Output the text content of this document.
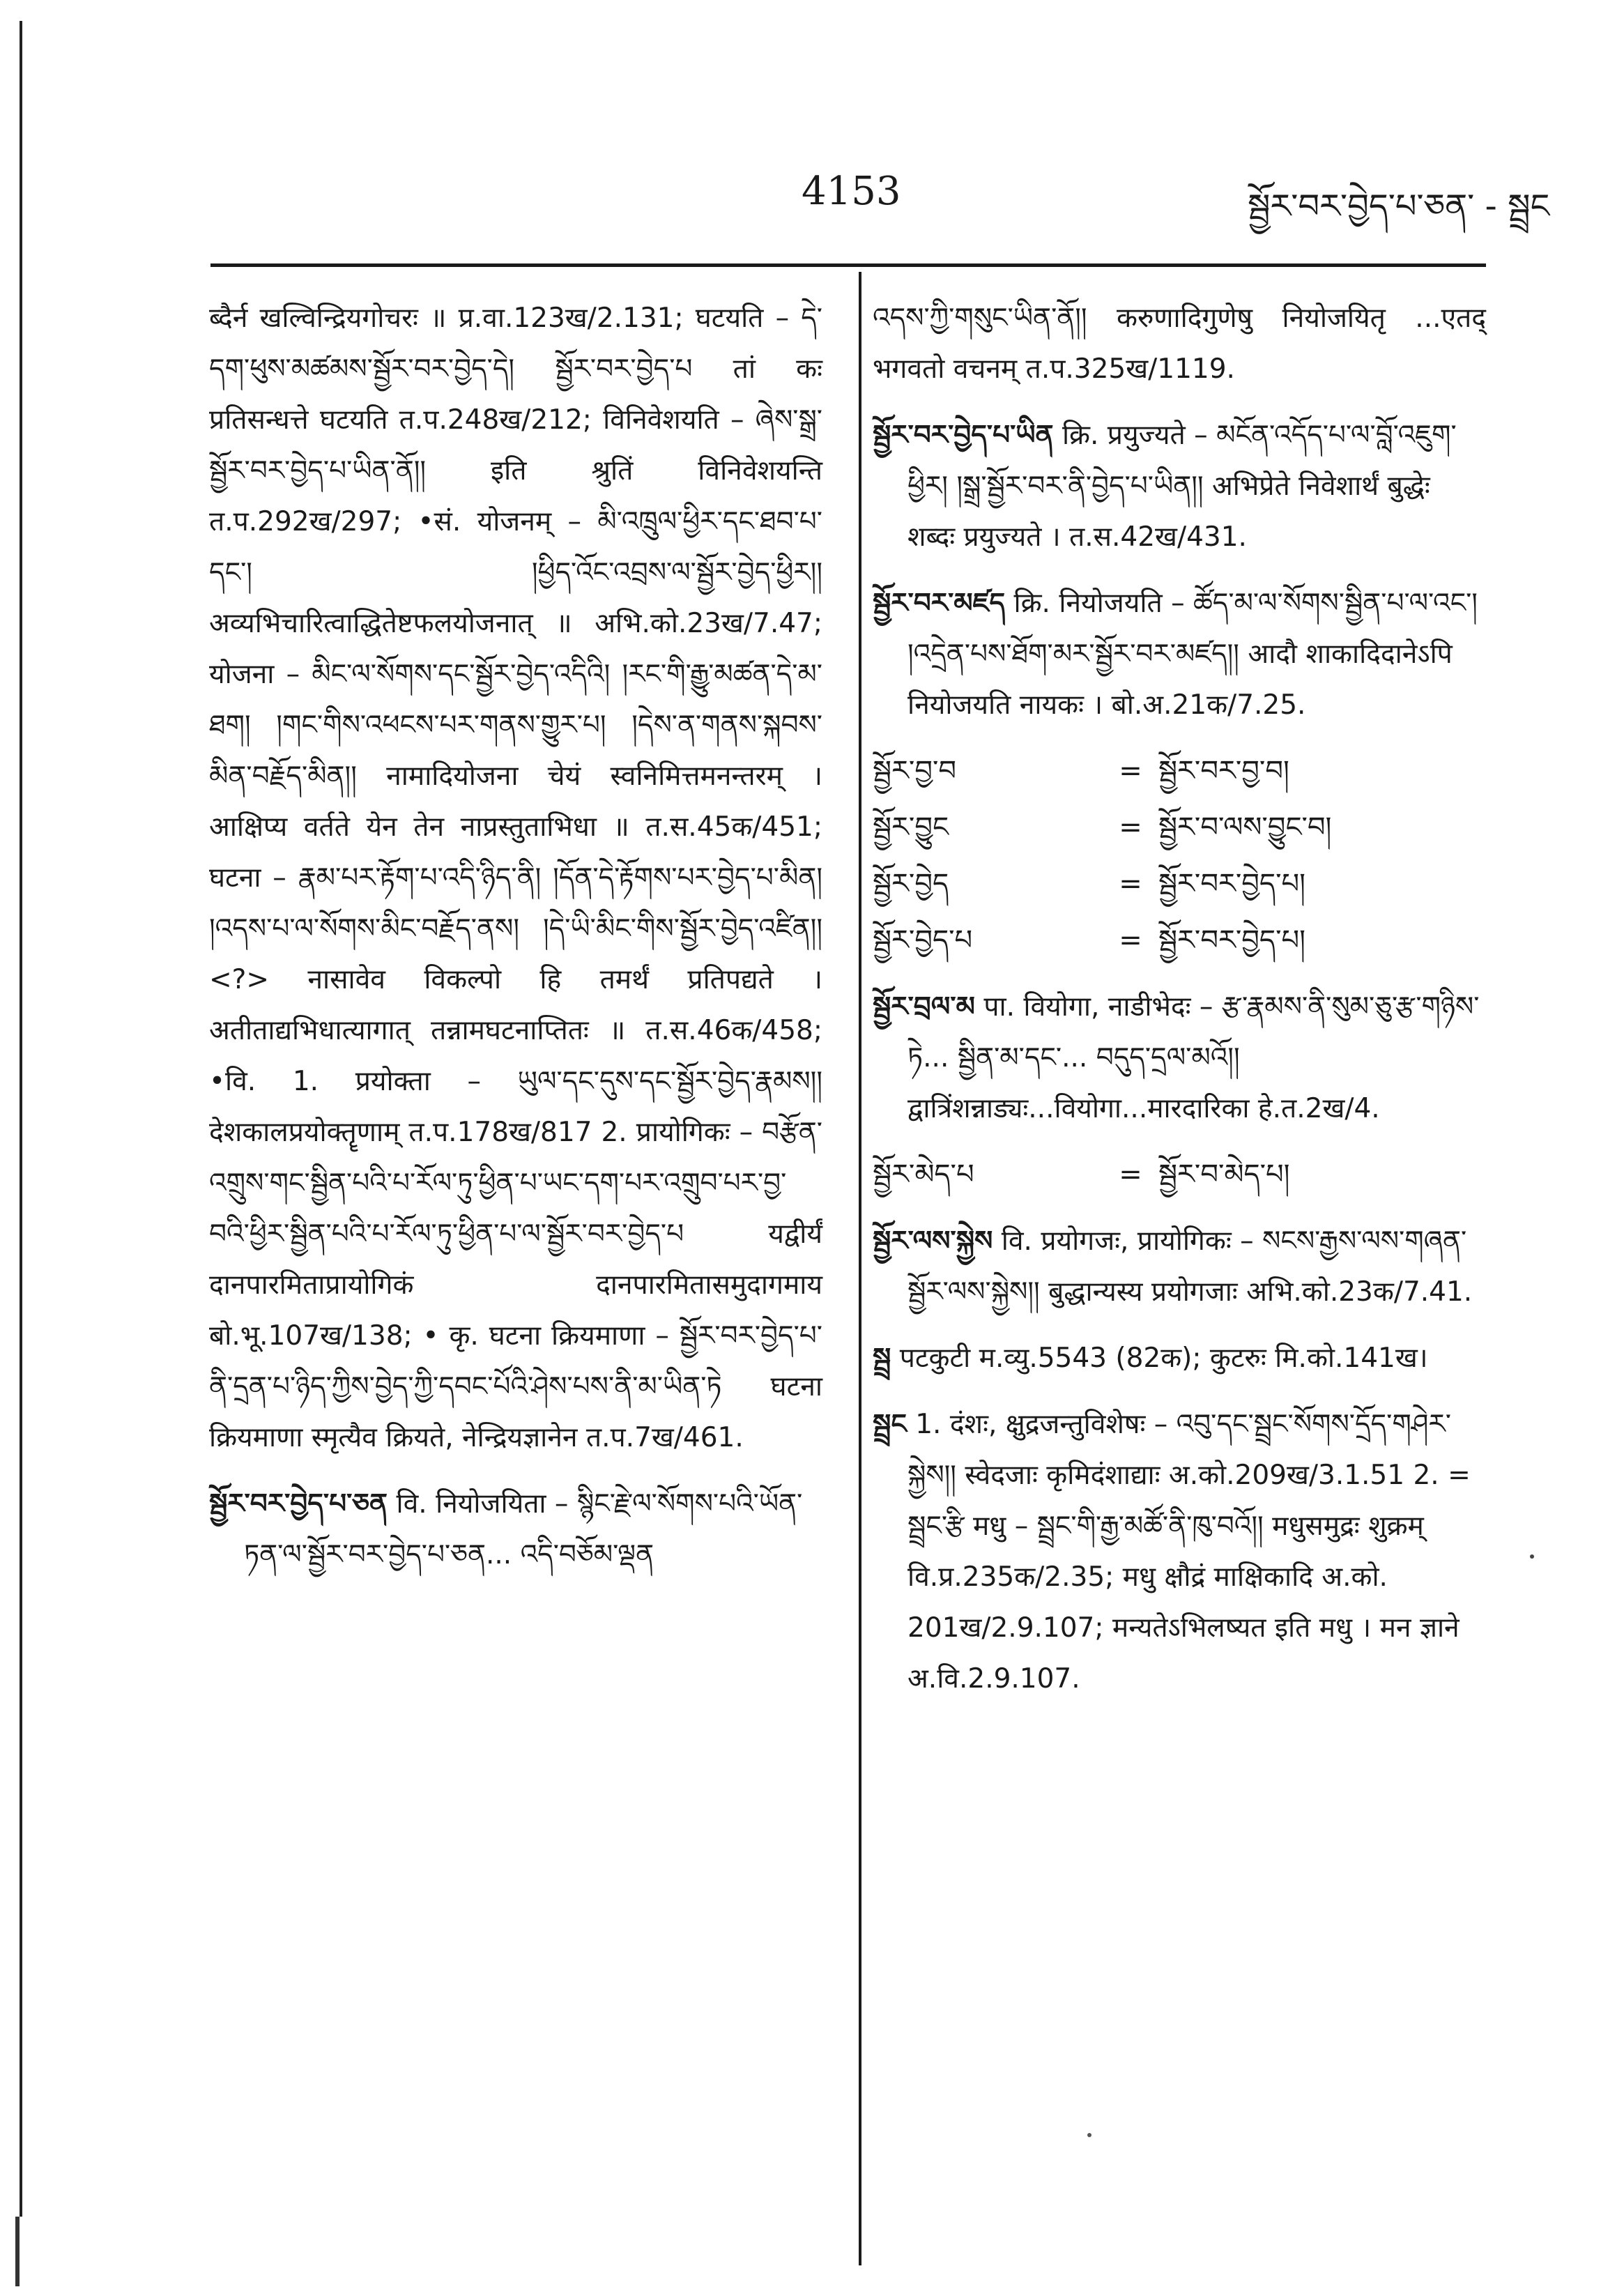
4153	སྦྱོར་བར་བྱེད་པ་ཅན་ - སྦྲང

ब्दैर्न खल्विन्द्रियगोचरः ॥ प्र.वा.123ख/2.131; घटयति – དེ་དག་ཕུས་མཚམས་སྦྱོར་བར་བྱེད་དེ། སྦྱོར་བར་བྱེད་པ तां कः प्रतिसन्धत्ते घटयति त.प.248ख/212; विनिवेशयति – ཞེས་སྒྲ་སྦྱོར་བར་བྱེད་པ་ཡིན་ནོ།། इति श्रुतिं विनिवेशयन्ति त.प.292ख/297; •सं. योजनम् – མི་འཁྲུལ་ཕྱིར་དང་ཐབ་པ་དང་། །ཕྱིད་འོང་འབྲས་ལ་སྦྱོར་བྱེད་ཕྱིར།། अव्यभिचारित्वाद्धितेष्टफलयोजनात् ॥ अभि.को.23ख/7.47; योजना – མིང་ལ་སོགས་དང་སྦྱོར་བྱེད་འདིའི། །རང་གི་རྒྱུ་མཚན་དེ་མ་ཐག། །གང་གིས་འཕངས་པར་གནས་གྱུར་པ། །དེས་ན་གནས་སྐབས་མིན་བརྗོད་མིན།། नामादियोजना चेयं स्वनिमित्तमनन्तरम् । आक्षिप्य वर्तते येन तेन नाप्रस्तुताभिधा ॥ त.स.45क/451; घटना – རྣམ་པར་རྟོག་པ་འདི་ཉིད་ནི། །དོན་དེ་རྟོགས་པར་བྱེད་པ་མིན། །འདས་པ་ལ་སོགས་མིང་བརྗོད་ནས། །དེ་ཡི་མིང་གིས་སྦྱོར་བྱེད་འཛིན།། <?> नासावेव विकल्पो हि तमर्थं प्रतिपद्यते । अतीताद्यभिधात्यागात् तन्नामघटनाप्तितः ॥ त.स.46क/458; •वि. 1. प्रयोक्ता – ཡུལ་དང་དུས་དང་སྦྱོར་བྱེད་རྣམས།། देशकालप्रयोक्तॄणाम् त.प.178ख/817 2. प्रायोगिकः – བརྩོན་འགྲུས་གང་སྦྱིན་པའི་པ་རོལ་ཏུ་ཕྱིན་པ་ཡང་དག་པར་འགྲུབ་པར་བྱ་བའི་ཕྱིར་སྦྱིན་པའི་པ་རོལ་ཏུ་ཕྱིན་པ་ལ་སྦྱོར་བར་བྱེད་པ यद्वीर्यं दानपारमिताप्रायोगिकं दानपारमितासमुदागमाय बो.भू.107ख/138; • कृ. घटना क्रियमाणा – སྦྱོར་བར་བྱེད་པ་ནི་དྲན་པ་ཉིད་ཀྱིས་བྱེད་ཀྱི་དབང་པོའི་ཤེས་པས་ནི་མ་ཡིན་ཏེ घटना क्रियमाणा स्मृत्यैव क्रियते, नेन्द्रियज्ञानेन त.प.7ख/461.

སྦྱོར་བར་བྱེད་པ་ཅན वि. नियोजयिता – སྙིང་རྗེ་ལ་སོགས་པའི་ཡོན་ཏན་ལ་སྦྱོར་བར་བྱེད་པ་ཅན... འདི་བཅོམ་ལྡན

འདས་ཀྱི་གསུང་ཡིན་ནོ།། करुणादिगुणेषु नियोजयितृ ...एतद् भगवतो वचनम् त.प.325ख/1119.

སྦྱོར་བར་བྱེད་པ་ཡིན क्रि. प्रयुज्यते – མངོན་འདོད་པ་ལ་བློ་འཇུག་ཕྱིར། །སྒྲ་སྦྱོར་བར་ནི་བྱེད་པ་ཡིན།། अभिप्रेते निवेशार्थं बुद्धेः शब्दः प्रयुज्यते । त.स.42ख/431.

སྦྱོར་བར་མཛད क्रि. नियोजयति – ཚོད་མ་ལ་སོགས་སྦྱིན་པ་ལ་འང་། །འདྲེན་པས་ཐོག་མར་སྦྱོར་བར་མཛད།། आदौ शाकादिदानेऽपि नियोजयति नायकः । बो.अ.21क/7.25.

སྦྱོར་བྱ་བ	= སྦྱོར་བར་བྱ་བ།
སྦྱོར་བྱུང	= སྦྱོར་བ་ལས་བྱུང་བ།
སྦྱོར་བྱེད	= སྦྱོར་བར་བྱེད་པ།
སྦྱོར་བྱེད་པ	= སྦྱོར་བར་བྱེད་པ།

སྦྱོར་བྲལ་མ पा. वियोगा, नाडीभेदः – རྩ་རྣམས་ནི་སུམ་ཅུ་རྩ་གཉིས་ཏེ... སྦྱིན་མ་དང་... བདུད་དྲལ་མའོ།། द्वात्रिंशन्नाड्यः...वियोगा...मारदारिका हे.त.2ख/4.

སྦྱོར་མེད་པ	= སྦྱོར་བ་མེད་པ།

སྦྱོར་ལས་སྐྱེས वि. प्रयोगजः, प्रायोगिकः – སངས་རྒྱས་ལས་གཞན་སྦྱོར་ལས་སྐྱེས།། बुद्धान्यस्य प्रयोगजाः अभि.को.23क/7.41.

སྦྲ पटकुटी म.व्यु.5543 (82क); कुटरुः मि.को.141ख।

སྦྲང 1. दंशः, क्षुद्रजन्तुविशेषः – འབུ་དང་སྦྲང་སོགས་དྲོད་གཤེར་སྐྱེས།། स्वेदजाः कृमिदंशाद्याः अ.को.209ख/3.1.51 2. = སྦྲང་རྩི मधु – སྦྲང་གི་རྒྱ་མཚོ་ནི་ཁུ་བའོ།། मधुसमुद्रः शुक्रम् वि.प्र.235क/2.35; मधु क्षौद्रं माक्षिकादि अ.को. 201ख/2.9.107; मन्यतेऽभिलष्यत इति मधु । मन ज्ञाने अ.वि.2.9.107.
